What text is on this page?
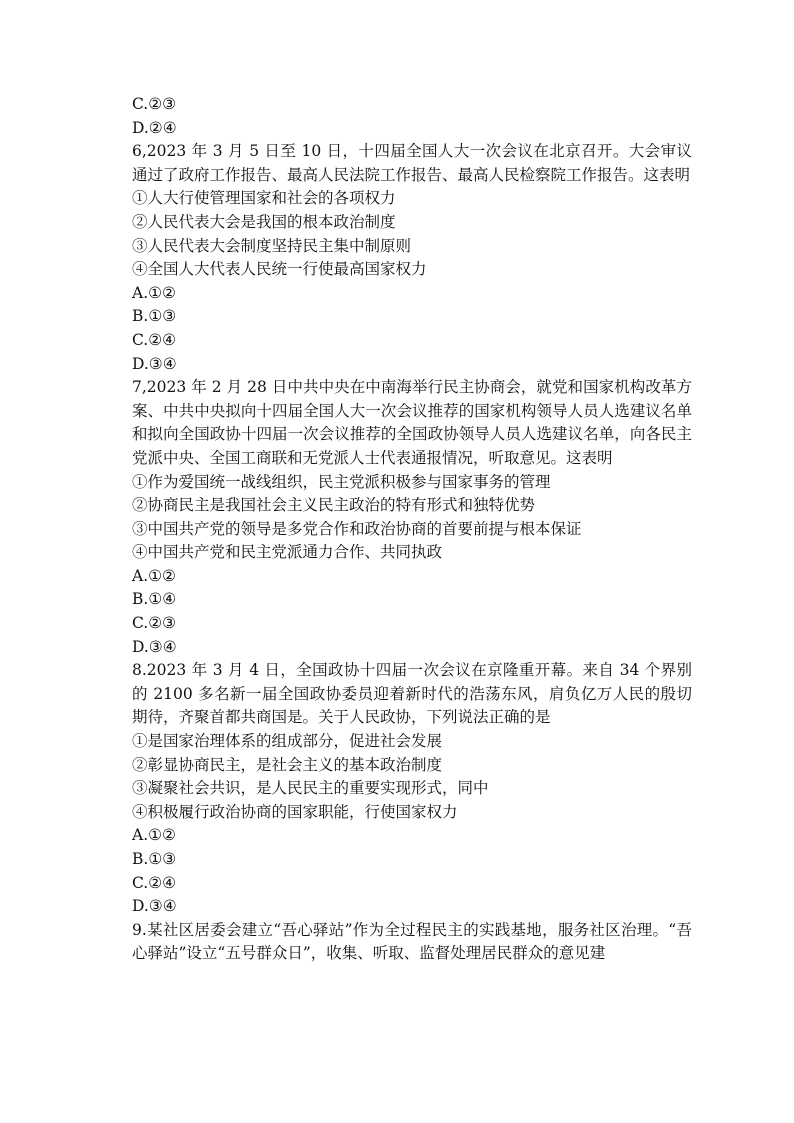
C.②③

D.②④

6,2023 年 3 月 5 日至 10 日，十四届全国人大一次会议在北京召开。大会审议通过了政府工作报告、最高人民法院工作报告、最高人民检察院工作报告。这表明

①人大行使管理国家和社会的各项权力

②人民代表大会是我国的根本政治制度

③人民代表大会制度坚持民主集中制原则

④全国人大代表人民统一行使最高国家权力

A.①②

B.①③

C.②④

D.③④

7,2023 年 2 月 28 日中共中央在中南海举行民主协商会，就党和国家机构改革方案、中共中央拟向十四届全国人大一次会议推荐的国家机构领导人员人选建议名单和拟向全国政协十四届一次会议推荐的全国政协领导人员人选建议名单，向各民主党派中央、全国工商联和无党派人士代表通报情况，听取意见。这表明

①作为爱国统一战线组织，民主党派积极参与国家事务的管理

②协商民主是我国社会主义民主政治的特有形式和独特优势

③中国共产党的领导是多党合作和政治协商的首要前提与根本保证

④中国共产党和民主党派通力合作、共同执政

A.①②

B.①④

C.②③

D.③④

8.2023 年 3 月 4 日，全国政协十四届一次会议在京隆重开幕。来自 34 个界别的 2100 多名新一届全国政协委员迎着新时代的浩荡东风，肩负亿万人民的殷切期待，齐聚首都共商国是。关于人民政协，下列说法正确的是

①是国家治理体系的组成部分，促进社会发展

②彰显协商民主，是社会主义的基本政治制度

③凝聚社会共识，是人民民主的重要实现形式，同中

④积极履行政治协商的国家职能，行使国家权力

A.①②

B.①③

C.②④

D.③④

9.某社区居委会建立“吾心驿站”作为全过程民主的实践基地，服务社区治理。“吾心驿站”设立“五号群众日”，收集、听取、监督处理居民群众的意见建
